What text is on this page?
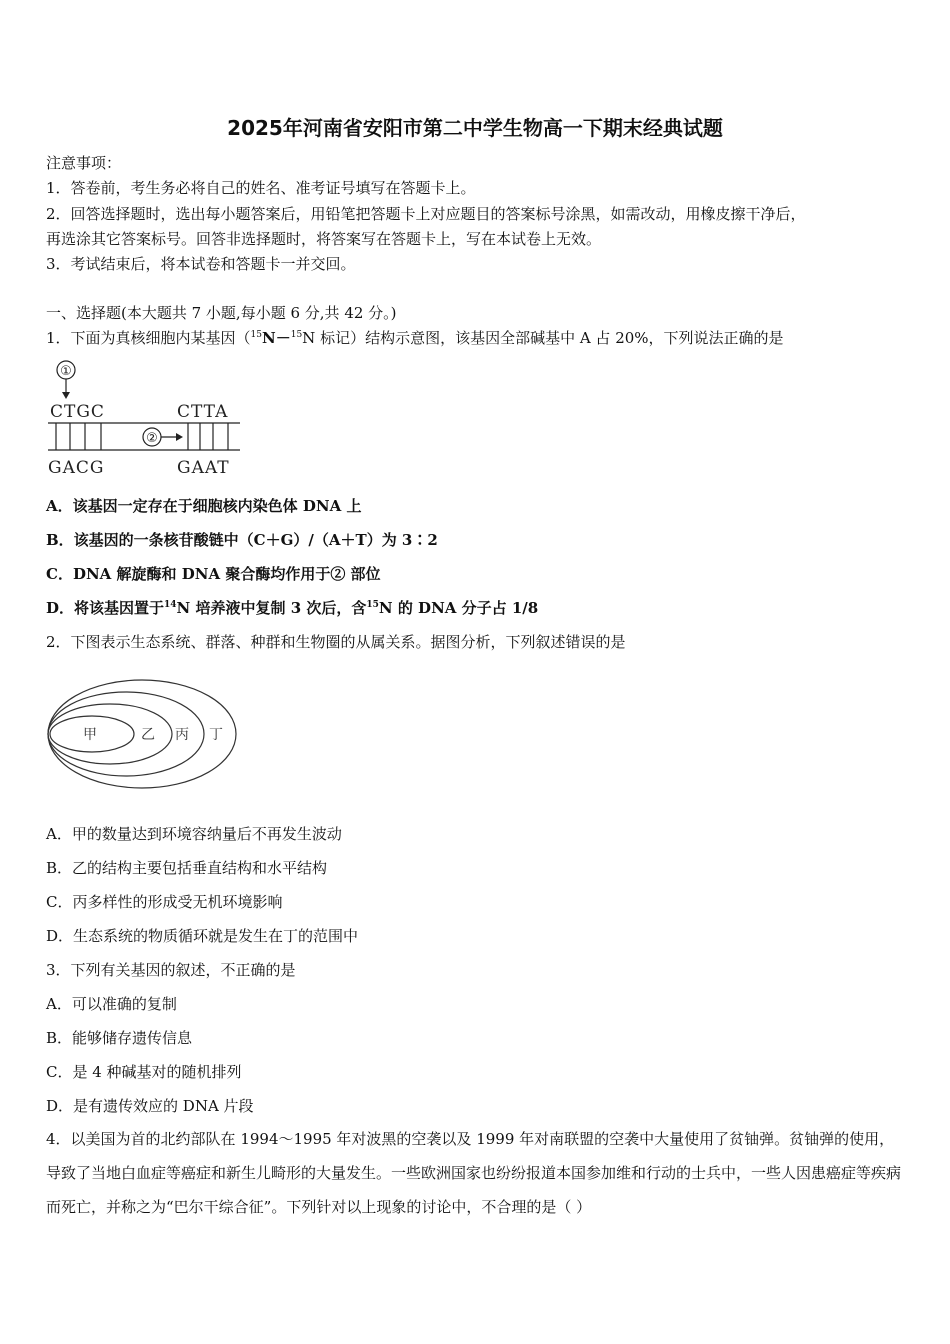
2025年河南省安阳市第二中学生物高一下期末经典试题
注意事项：
1．答卷前，考生务必将自己的姓名、准考证号填写在答题卡上。
2．回答选择题时，选出每小题答案后，用铅笔把答题卡上对应题目的答案标号涂黑，如需改动，用橡皮擦干净后，
再选涂其它答案标号。回答非选择题时，将答案写在答题卡上，写在本试卷上无效。
3．考试结束后，将本试卷和答题卡一并交回。
一、选择题(本大题共 7 小题,每小题 6 分,共 42 分。)
1．下面为真核细胞内某基因（$^{15}$N－$^{15}$N 标记）结构示意图，该基因全部碱基中 A 占 20%，下列说法正确的是
①
CTGC	CTTA
②
GACG	GAAT
A．该基因一定存在于细胞核内染色体 DNA 上
B．该基因的一条核苷酸链中（C＋G）/（A＋T）为 3∶2
C．DNA 解旋酶和 DNA 聚合酶均作用于② 部位
D．将该基因置于$^{14}$N 培养液中复制 3 次后，含$^{15}$N 的 DNA 分子占 1/8
2．下图表示生态系统、群落、种群和生物圈的从属关系。据图分析，下列叙述错误的是
甲	乙 丙 丁
A．甲的数量达到环境容纳量后不再发生波动
B．乙的结构主要包括垂直结构和水平结构
C．丙多样性的形成受无机环境影响
D．生态系统的物质循环就是发生在丁的范围中
3．下列有关基因的叙述，不正确的是
A．可以准确的复制
B．能够储存遗传信息
C．是 4 种碱基对的随机排列
D．是有遗传效应的 DNA 片段
4．以美国为首的北约部队在 1994～1995 年对波黑的空袭以及 1999 年对南联盟的空袭中大量使用了贫铀弹。贫铀弹的使用，导致了当地白血症等癌症和新生儿畸形的大量发生。一些欧洲国家也纷纷报道本国参加维和行动的士兵中，一些人因患癌症等疾病而死亡，并称之为“巴尔干综合征”。下列针对以上现象的讨论中，不合理的是（ ）
